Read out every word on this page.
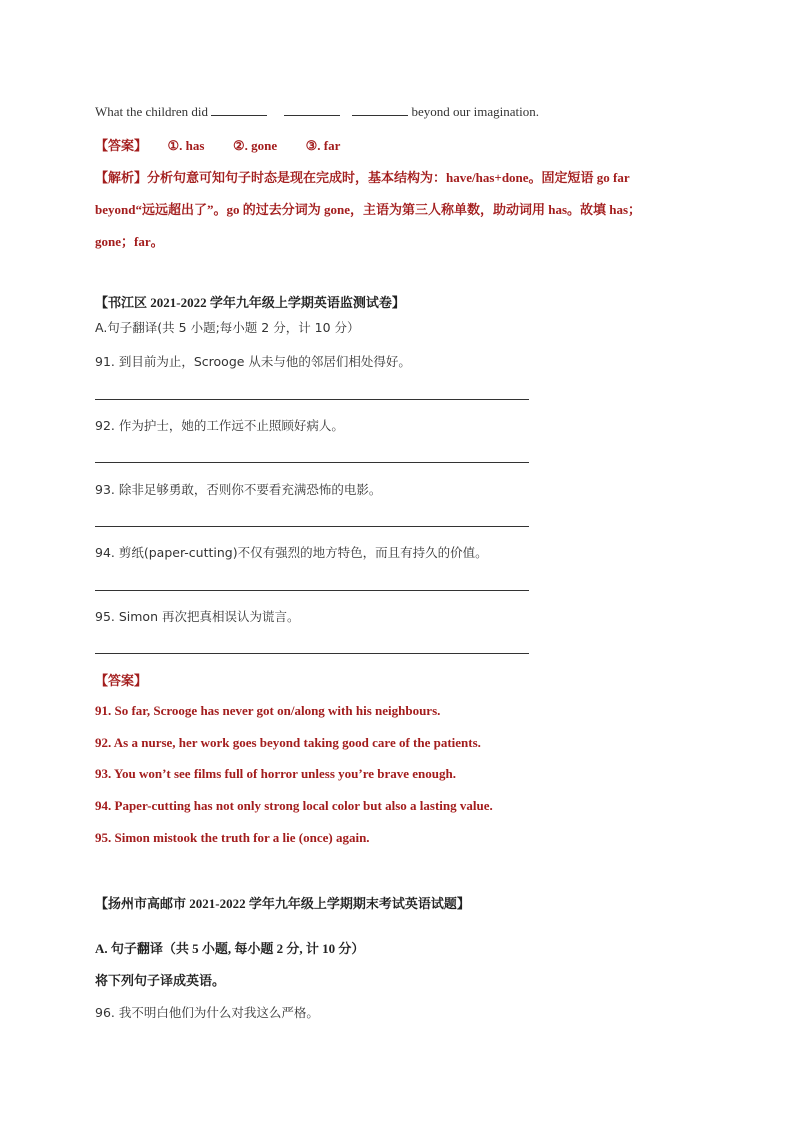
What the children did	beyond our imagination.
【答案】 ①. has ②. gone ③. far
【解析】分析句意可知句子时态是现在完成时，基本结构为：have/has+done。固定短语 go far
beyond“远远超出了”。go 的过去分词为 gone，主语为第三人称单数，助动词用 has。故填 has；
gone；far。
【邗江区 2021-2022 学年九年级上学期英语监测试卷】
A.句子翻译(共 5 小题;每小题 2 分，计 10 分）
91. 到目前为止，Scrooge 从未与他的邻居们相处得好。
92. 作为护士，她的工作远不止照顾好病人。
93. 除非足够勇敢，否则你不要看充满恐怖的电影。
94. 剪纸(paper-cutting)不仅有强烈的地方特色，而且有持久的价值。
95. Simon 再次把真相误认为谎言。
【答案】
91. So far, Scrooge has never got on/along with his neighbours.
92. As a nurse, her work goes beyond taking good care of the patients.
93. You won’t see films full of horror unless you’re brave enough.
94. Paper-cutting has not only strong local color but also a lasting value.
95. Simon mistook the truth for a lie (once) again.
【扬州市高邮市 2021-2022 学年九年级上学期期末考试英语试题】
A. 句子翻译（共 5 小题, 每小题 2 分, 计 10 分）
将下列句子译成英语。
96. 我不明白他们为什么对我这么严格。
